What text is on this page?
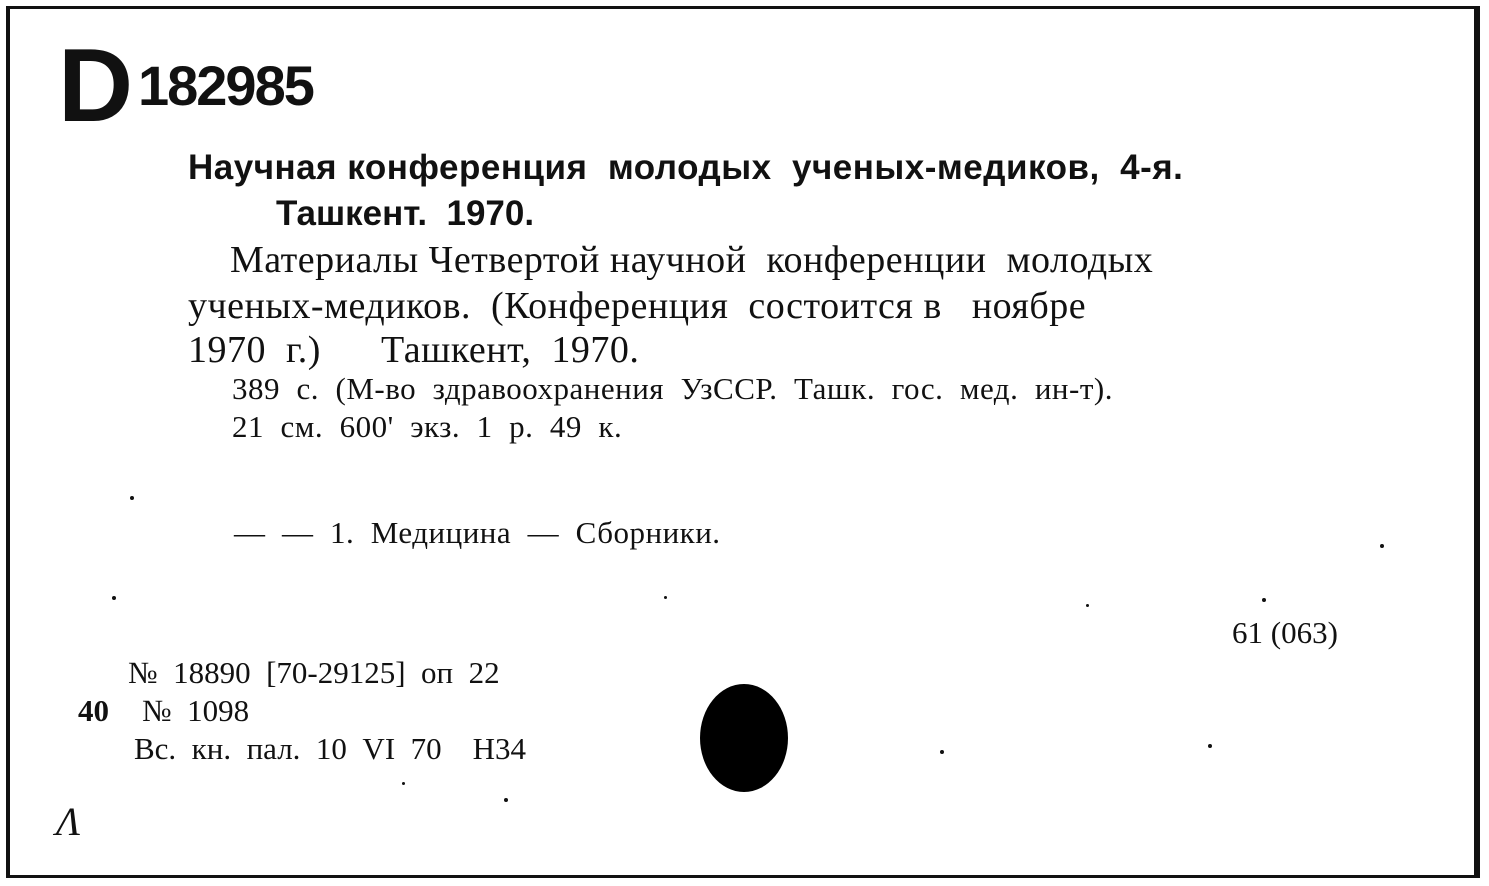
D 182985
Научная конференция  молодых  ученых-медиков,  4-я.
Ташкент.  1970.
Материалы Четвертой научной  конференции  молодых
ученых-медиков.  (Конференция  состоится в   ноябре
1970  г.)      Ташкент,  1970.
389  с.  (М-во  здравоохранения  УзССР.  Ташк.  гос.  мед.  ин-т).
21  см.  600'  экз.  1  р.  49  к.
—  —  1.  Медицина  —  Сборники.
61 (063)
№  18890  [70-29125]  оп  22
40 №  1098
Вс.  кн.  пал.  10  VI  70    Н34
Λ
